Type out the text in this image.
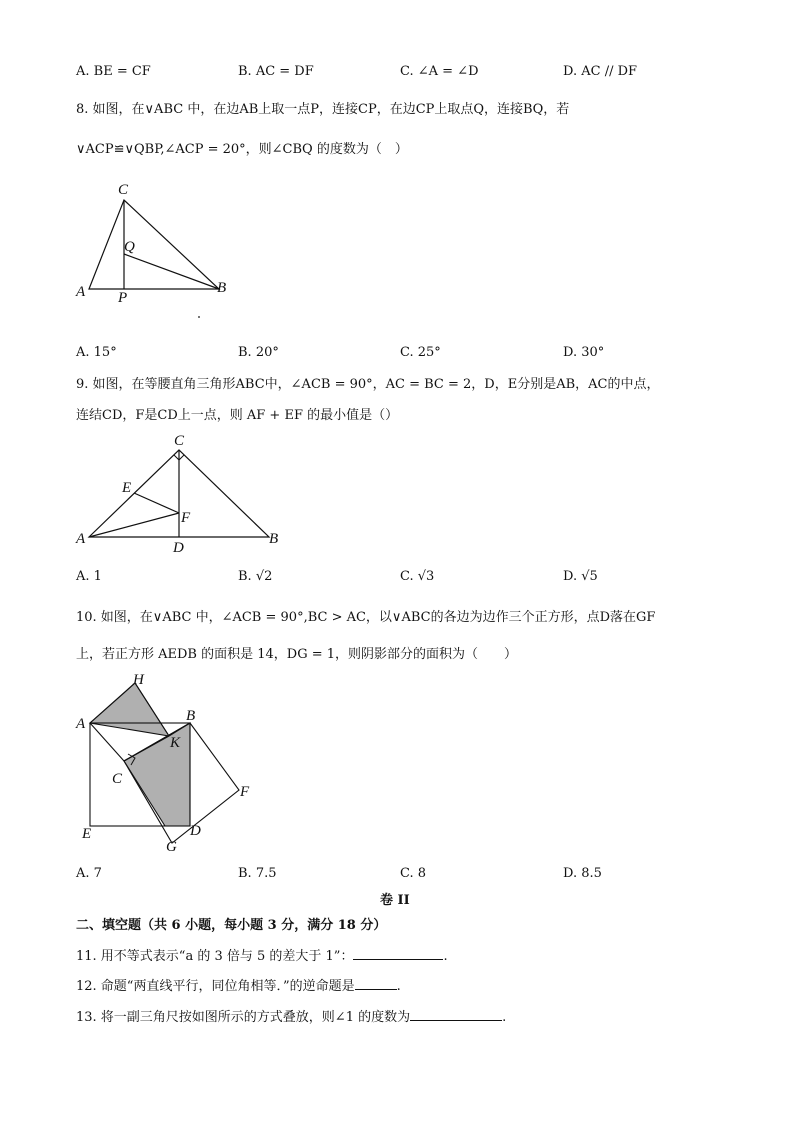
A. BE = CF	B. AC = DF	C. ∠A = ∠D	D. AC // DF
8. 如图，在∨ABC 中，在边AB上取一点P，连接CP，在边CP上取点Q，连接BQ，若
∨ACP≌∨QBP,∠ACP = 20°，则∠CBQ 的度数为（　）
C
Q
A P
B
A. 15°	B. 20°	C. 25°	D. 30°
9. 如图，在等腰直角三角形ABC中，∠ACB = 90°，AC = BC = 2，D，E分别是AB，AC的中点，
连结CD，F是CD上一点，则 AF + EF 的最小值是（）
C
E
F
A
D
B
A. 1	B. √2	C. √3	D. √5
10. 如图，在∨ABC 中，∠ACB = 90°,BC > AC，以∨ABC的各边为边作三个正方形，点D落在GF
上，若正方形 AEDB 的面积是 14，DG = 1，则阴影部分的面积为（　　）
H
A	B
K
C
F
E	D
G
A. 7	B. 7.5	C. 8	D. 8.5
卷 II
二、填空题（共 6 小题，每小题 3 分，满分 18 分）
11. 用不等式表示“a 的 3 倍与 5 的差大于 1”：	.
12. 命题“两直线平行，同位角相等．”的逆命题是	.
13. 将一副三角尺按如图所示的方式叠放，则∠1 的度数为	.
